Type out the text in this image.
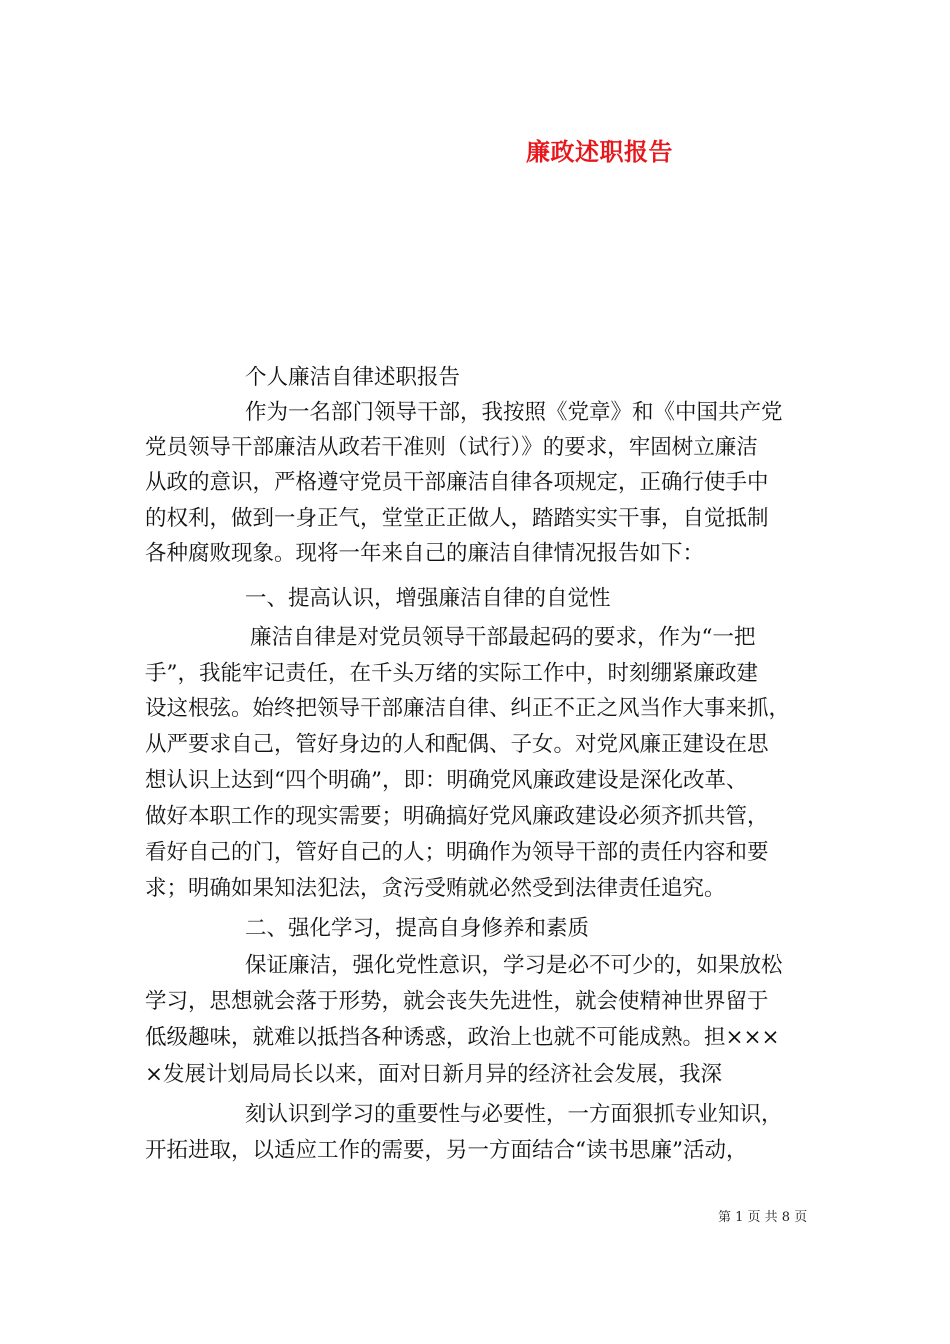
廉政述职报告
个人廉洁自律述职报告
作为一名部门领导干部，我按照《党章》和《中国共产党
党员领导干部廉洁从政若干准则（试行）》的要求，牢固树立廉洁
从政的意识，严格遵守党员干部廉洁自律各项规定，正确行使手中
的权利，做到一身正气，堂堂正正做人，踏踏实实干事，自觉抵制
各种腐败现象。现将一年来自己的廉洁自律情况报告如下：
一、提高认识，增强廉洁自律的自觉性
廉洁自律是对党员领导干部最起码的要求，作为“一把
手”，我能牢记责任，在千头万绪的实际工作中，时刻绷紧廉政建
设这根弦。始终把领导干部廉洁自律、纠正不正之风当作大事来抓，
从严要求自己，管好身边的人和配偶、子女。对党风廉正建设在思
想认识上达到“四个明确”，即：明确党风廉政建设是深化改革、
做好本职工作的现实需要；明确搞好党风廉政建设必须齐抓共管，
看好自己的门，管好自己的人；明确作为领导干部的责任内容和要
求；明确如果知法犯法，贪污受贿就必然受到法律责任追究。
二、强化学习，提高自身修养和素质
保证廉洁，强化党性意识，学习是必不可少的，如果放松
学习，思想就会落于形势，就会丧失先进性，就会使精神世界留于
低级趣味，就难以抵挡各种诱惑，政治上也就不可能成熟。担×××
×发展计划局局长以来，面对日新月异的经济社会发展，我深
刻认识到学习的重要性与必要性，一方面狠抓专业知识，
开拓进取，以适应工作的需要，另一方面结合“读书思廉”活动，
第 1 页 共 8 页
